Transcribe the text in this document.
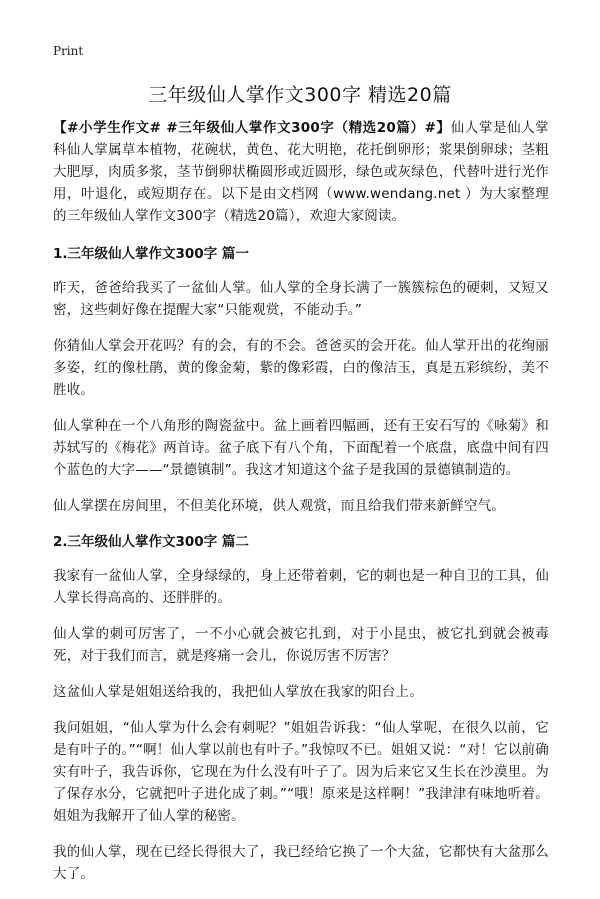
Print
三年级仙人掌作文300字 精选20篇

【#小学生作文# #三年级仙人掌作文300字（精选20篇）#】仙人掌是仙人掌科仙人掌属草本植物，花碗状，黄色、花大明艳，花托倒卵形；浆果倒卵球；茎粗大肥厚，肉质多浆，茎节倒卵状椭圆形或近圆形，绿色或灰绿色，代替叶进行光作用，叶退化，或短期存在。以下是由文档网（www.wendang.net ）为大家整理的三年级仙人掌作文300字（精选20篇），欢迎大家阅读。

1.三年级仙人掌作文300字 篇一

昨天，爸爸给我买了一盆仙人掌。仙人掌的全身长满了一簇簇棕色的硬刺，又短又密，这些刺好像在提醒大家“只能观赏，不能动手。”

你猜仙人掌会开花吗？有的会，有的不会。爸爸买的会开花。仙人掌开出的花绚丽多姿，红的像杜鹃，黄的像金菊，紫的像彩霞，白的像洁玉，真是五彩缤纷，美不胜收。

仙人掌种在一个八角形的陶瓷盆中。盆上画着四幅画，还有王安石写的《咏菊》和苏轼写的《梅花》两首诗。盆子底下有八个角，下面配着一个底盘，底盘中间有四个蓝色的大字——“景德镇制”。我这才知道这个盆子是我国的景德镇制造的。

仙人掌摆在房间里，不但美化环境，供人观赏，而且给我们带来新鲜空气。

2.三年级仙人掌作文300字 篇二

我家有一盆仙人掌，全身绿绿的，身上还带着刺，它的刺也是一种自卫的工具，仙人掌长得高高的、还胖胖的。

仙人掌的刺可厉害了，一不小心就会被它扎到，对于小昆虫，被它扎到就会被毒死，对于我们而言，就是疼痛一会儿，你说厉害不厉害？

这盆仙人掌是姐姐送给我的，我把仙人掌放在我家的阳台上。

我问姐姐，“仙人掌为什么会有刺呢？”姐姐告诉我：“仙人掌呢，在很久以前，它是有叶子的。”“啊！仙人掌以前也有叶子。”我惊叹不已。姐姐又说：“对！它以前确实有叶子，我告诉你，它现在为什么没有叶子了。因为后来它又生长在沙漠里。为了保存水分，它就把叶子进化成了刺。”“哦！原来是这样啊！”我津津有味地听着。姐姐为我解开了仙人掌的秘密。

我的仙人掌，现在已经长得很大了，我已经给它换了一个大盆，它都快有大盆那么大了。
